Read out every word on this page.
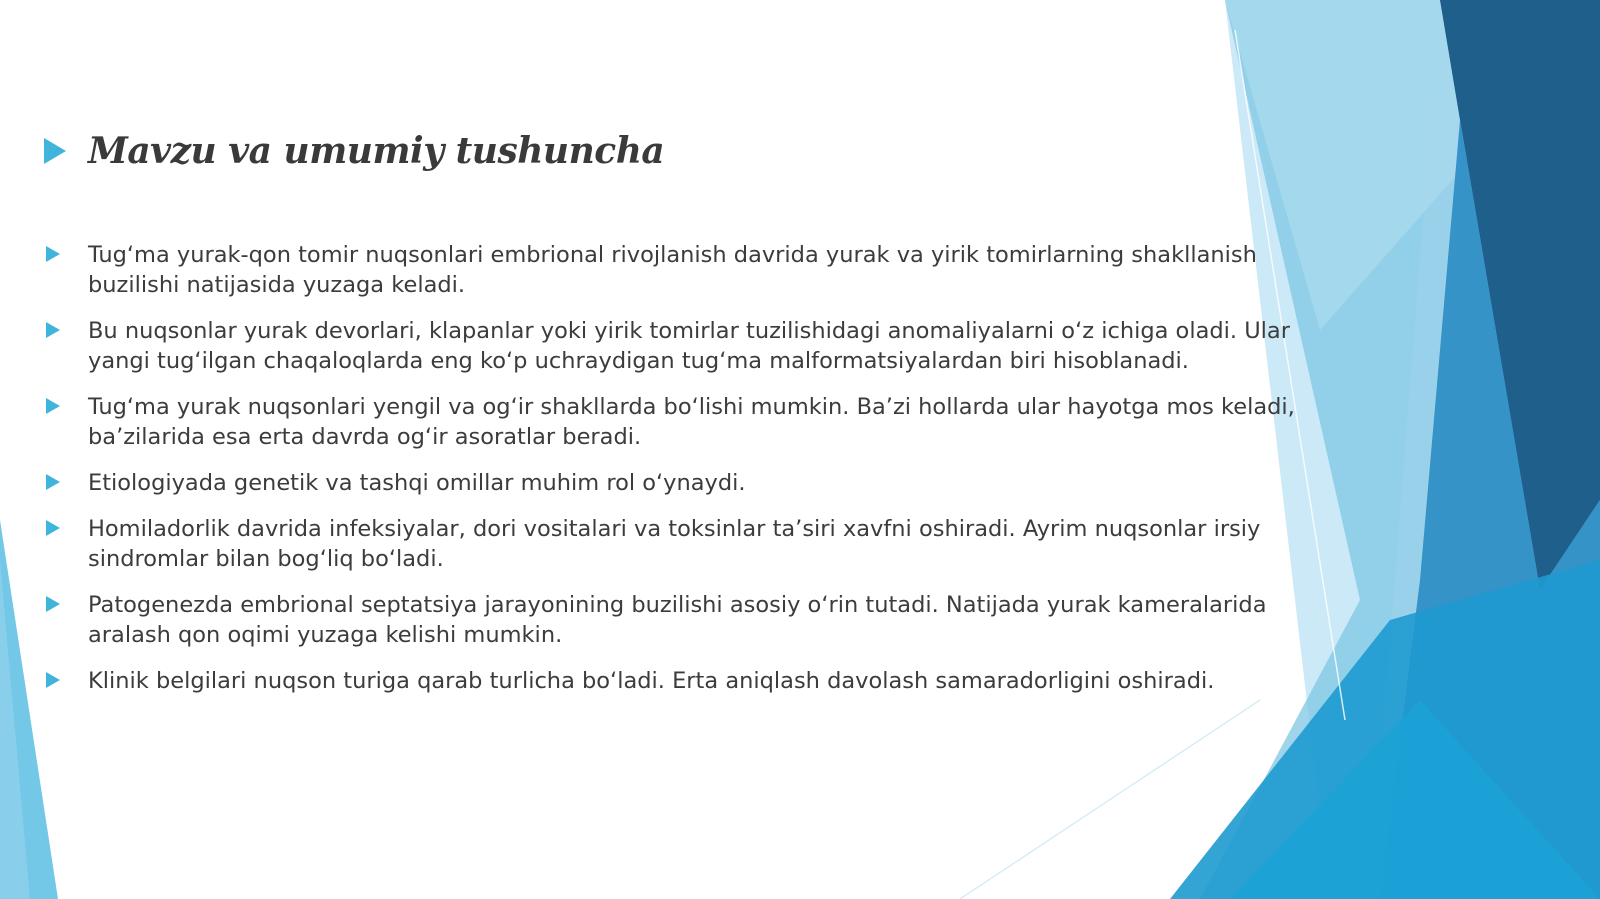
Mavzu va umumiy tushuncha
Tug‘ma yurak-qon tomir nuqsonlari embrional rivojlanish davrida yurak va yirik tomirlarning shakllanish buzilishi natijasida yuzaga keladi.
Bu nuqsonlar yurak devorlari, klapanlar yoki yirik tomirlar tuzilishidagi anomaliyalarni o‘z ichiga oladi. Ular yangi tug‘ilgan chaqaloqlarda eng ko‘p uchraydigan tug‘ma malformatsiyalardan biri hisoblanadi.
Tug‘ma yurak nuqsonlari yengil va og‘ir shakllarda bo‘lishi mumkin. Ba’zi hollarda ular hayotga mos keladi, ba’zilarida esa erta davrda og‘ir asoratlar beradi.
Etiologiyada genetik va tashqi omillar muhim rol o‘ynaydi.
Homiladorlik davrida infeksiyalar, dori vositalari va toksinlar ta’siri xavfni oshiradi. Ayrim nuqsonlar irsiy sindromlar bilan bog‘liq bo‘ladi.
Patogenezda embrional septatsiya jarayonining buzilishi asosiy o‘rin tutadi. Natijada yurak kameralarida aralash qon oqimi yuzaga kelishi mumkin.
Klinik belgilari nuqson turiga qarab turlicha bo‘ladi. Erta aniqlash davolash samaradorligini oshiradi.
